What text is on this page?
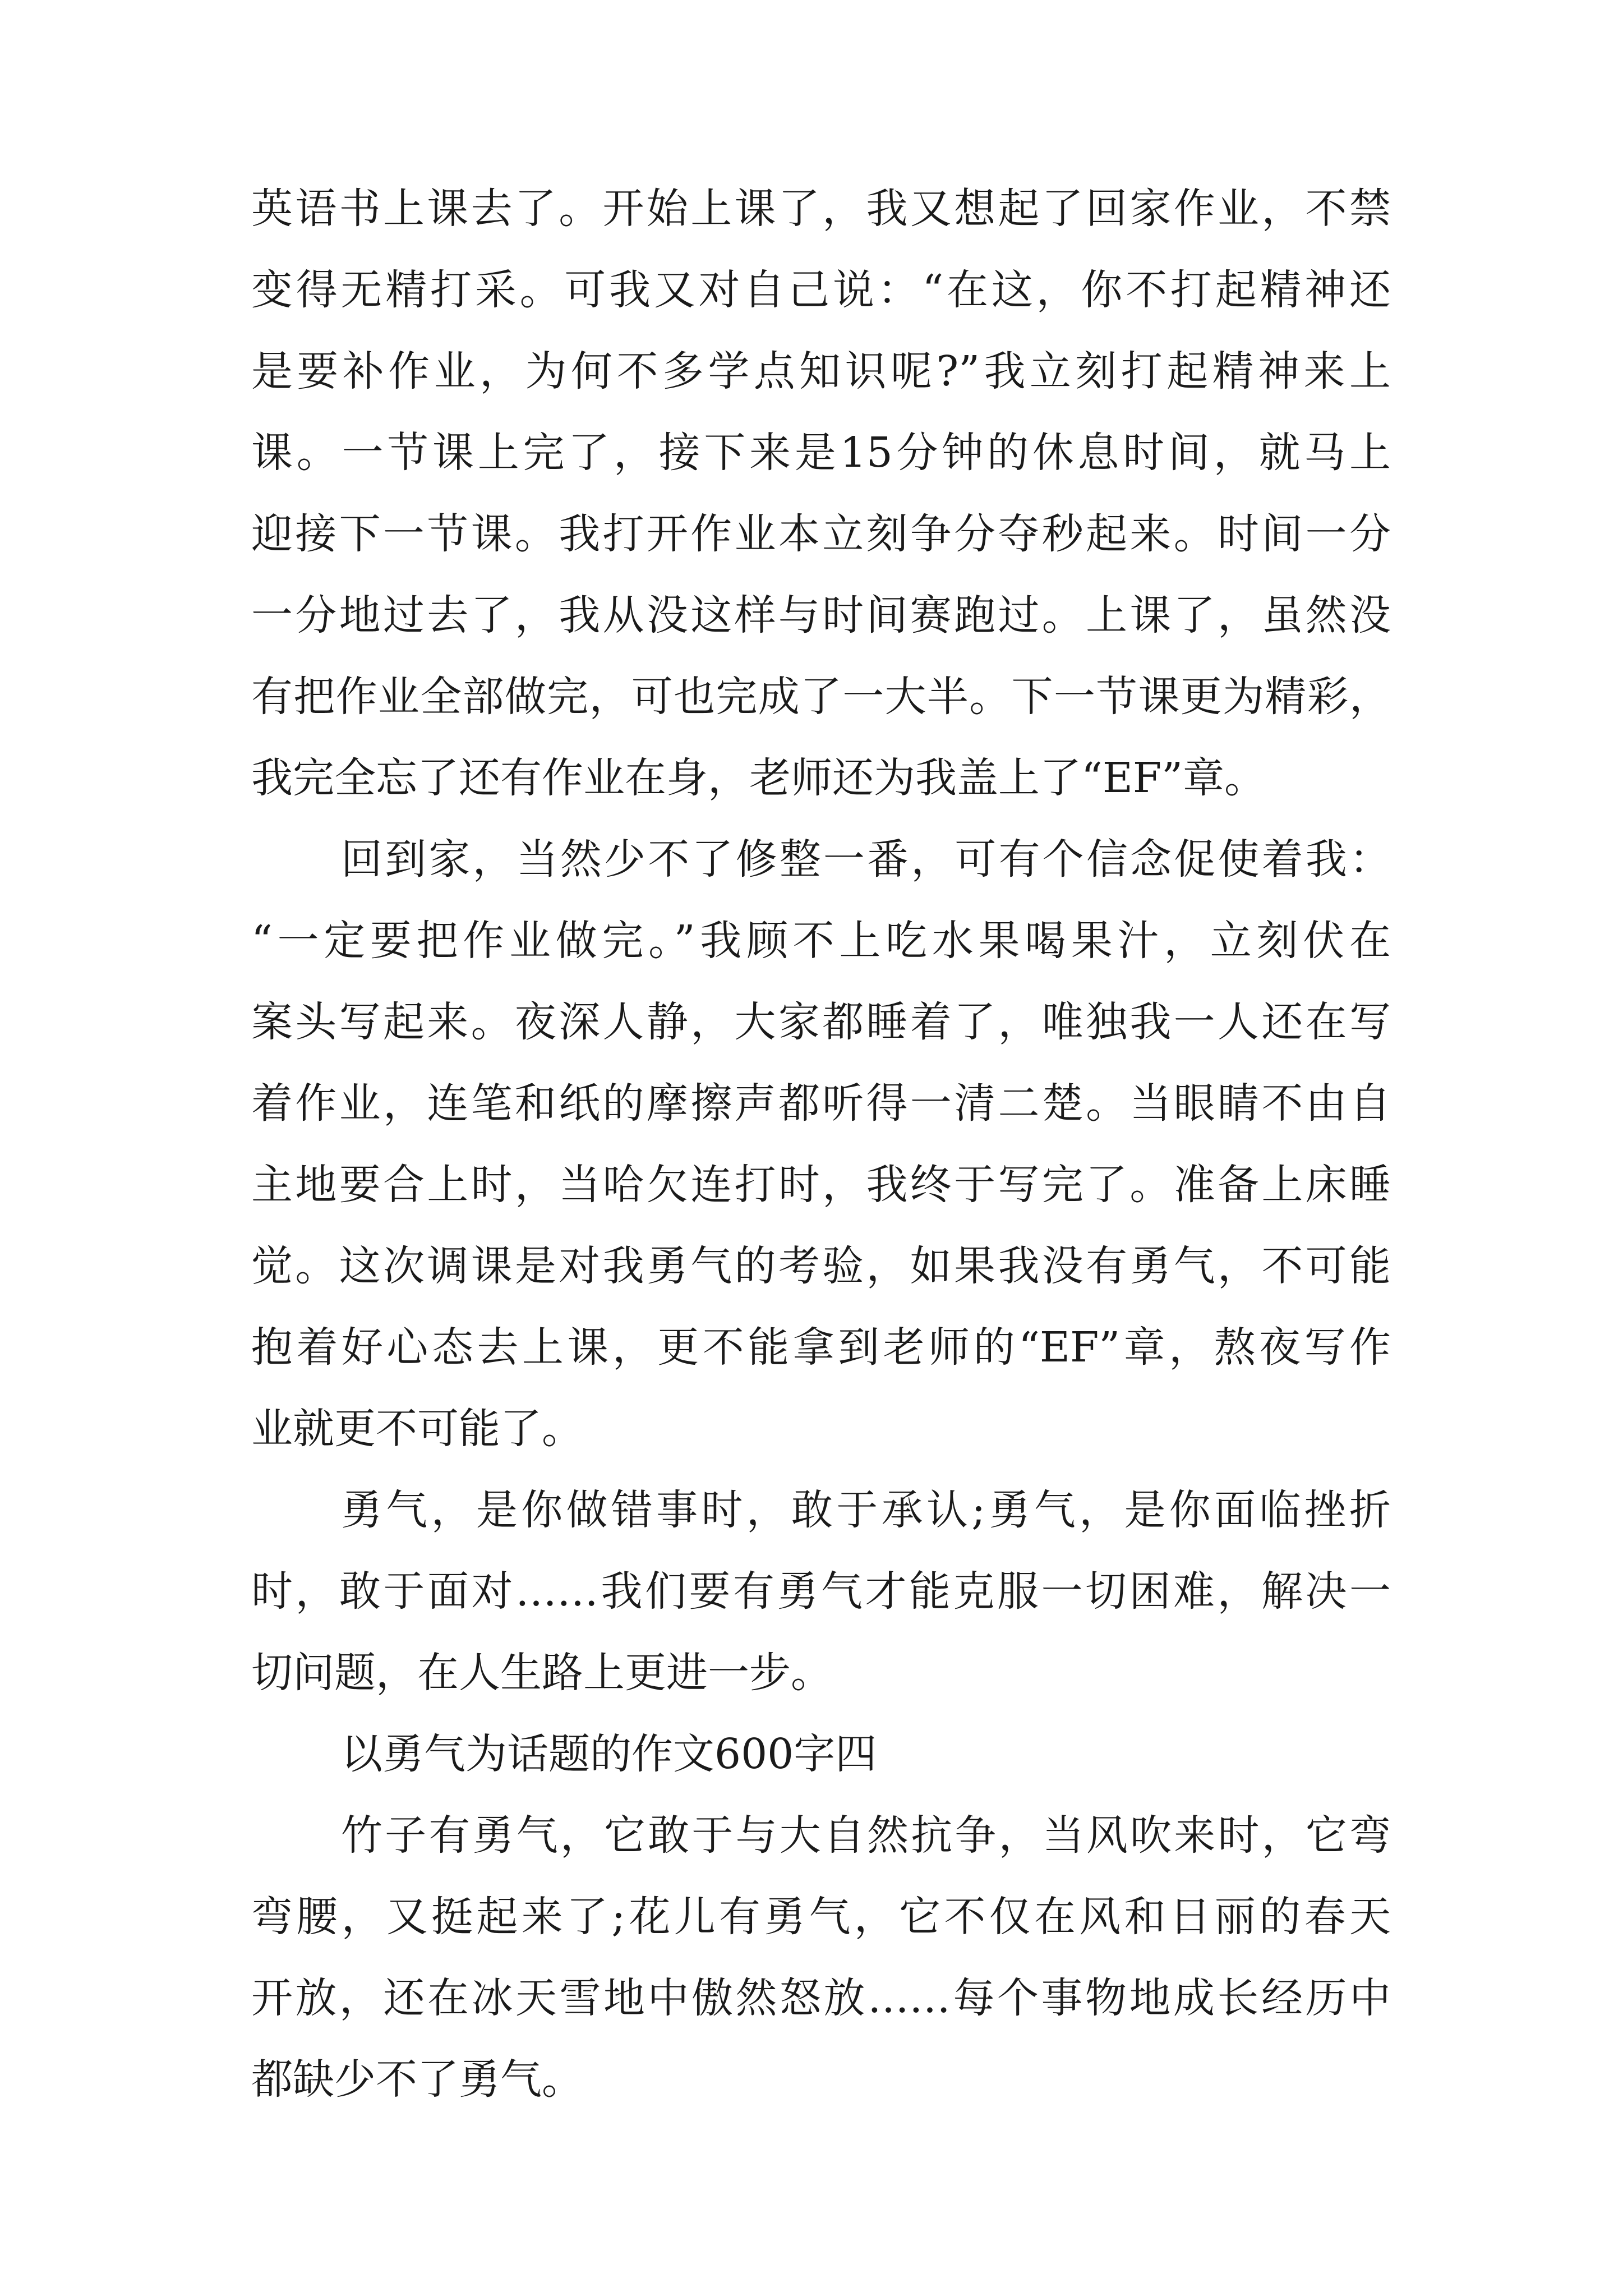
英语书上课去了。开始上课了，我又想起了回家作业，不禁
变得无精打采。可我又对自己说：“在这，你不打起精神还
是要补作业，为何不多学点知识呢?”我立刻打起精神来上
课。一节课上完了，接下来是15分钟的休息时间，就马上
迎接下一节课。我打开作业本立刻争分夺秒起来。时间一分
一分地过去了，我从没这样与时间赛跑过。上课了，虽然没
有把作业全部做完，可也完成了一大半。下一节课更为精彩，
我完全忘了还有作业在身，老师还为我盖上了“EF”章。
回到家，当然少不了修整一番，可有个信念促使着我：
“一定要把作业做完。”我顾不上吃水果喝果汁，立刻伏在
案头写起来。夜深人静，大家都睡着了，唯独我一人还在写
着作业，连笔和纸的摩擦声都听得一清二楚。当眼睛不由自
主地要合上时，当哈欠连打时，我终于写完了。准备上床睡
觉。这次调课是对我勇气的考验，如果我没有勇气，不可能
抱着好心态去上课，更不能拿到老师的“EF”章，熬夜写作
业就更不可能了。
勇气，是你做错事时，敢于承认;勇气，是你面临挫折
时，敢于面对……我们要有勇气才能克服一切困难，解决一
切问题，在人生路上更进一步。
以勇气为话题的作文600字四
竹子有勇气，它敢于与大自然抗争，当风吹来时，它弯
弯腰，又挺起来了;花儿有勇气，它不仅在风和日丽的春天
开放，还在冰天雪地中傲然怒放……每个事物地成长经历中
都缺少不了勇气。
